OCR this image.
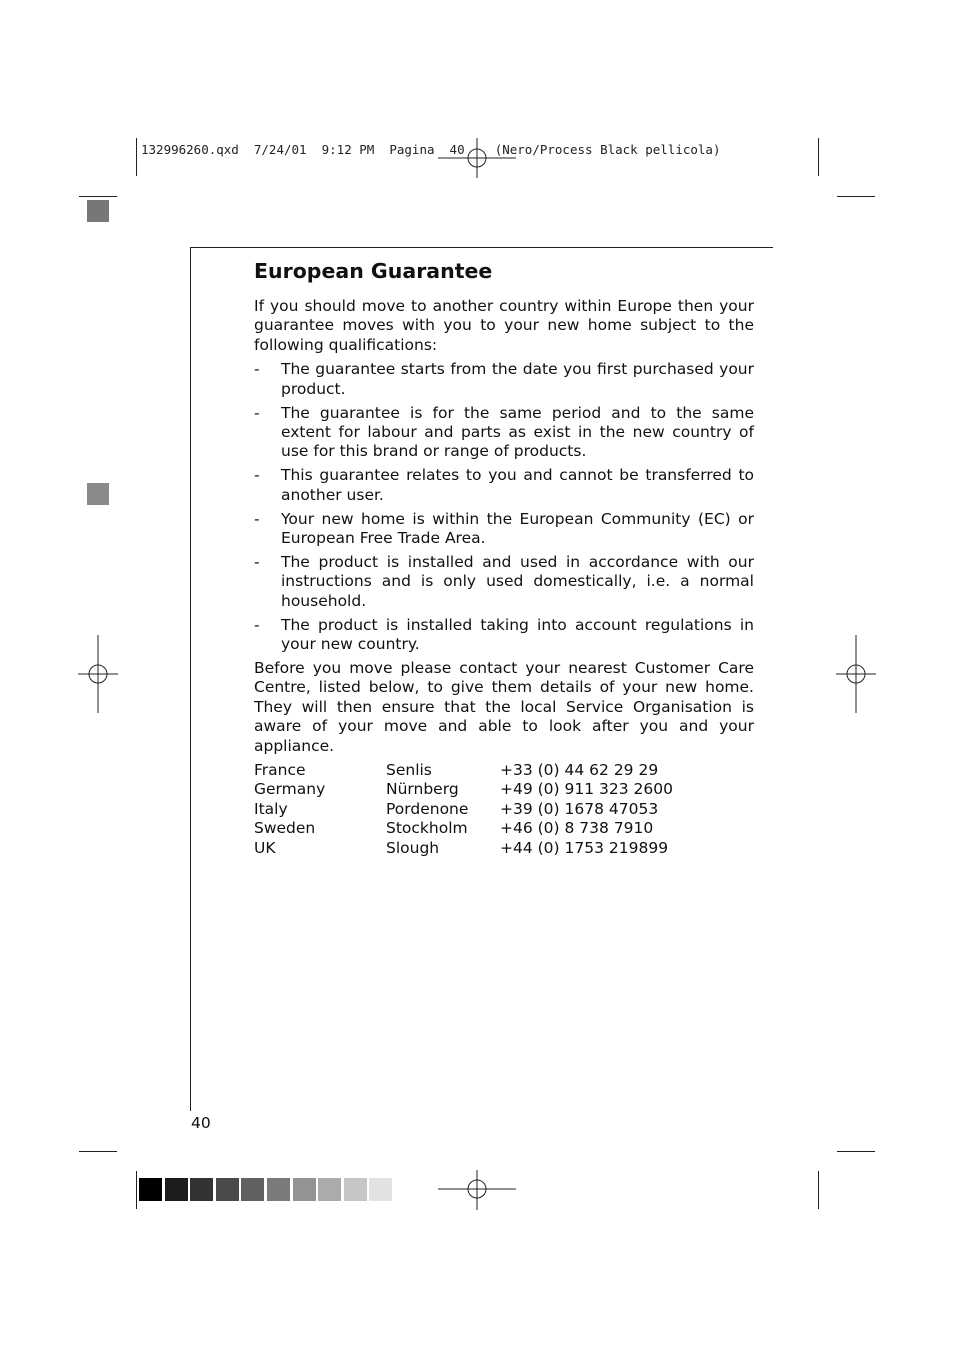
132996260.qxd  7/24/01  9:12 PM  Pagina  40    (Nero/Process Black pellicola)
European Guarantee

If you should move to another country within Europe then your guarantee moves with you to your new home subject to the following qualifications:

- The guarantee starts from the date you first purchased your product.
- The guarantee is for the same period and to the same extent for labour and parts as exist in the new country of use for this brand or range of products.
- This guarantee relates to you and cannot be transferred to another user.
- Your new home is within the European Community (EC) or European Free Trade Area.
- The product is installed and used in accordance with our instructions and is only used domestically, i.e. a normal household.
- The product is installed taking into account regulations in your new country.

Before you move please contact your nearest Customer Care Centre, listed below, to give them details of your new home. They will then ensure that the local Service Organisation is aware of your move and able to look after you and your appliance.

France	Senlis	+33 (0) 44 62 29 29
Germany	Nürnberg	+49 (0) 911 323 2600
Italy	Pordenone	+39 (0) 1678 47053
Sweden	Stockholm	+46 (0) 8 738 7910
UK	Slough	+44 (0) 1753 219899
40
